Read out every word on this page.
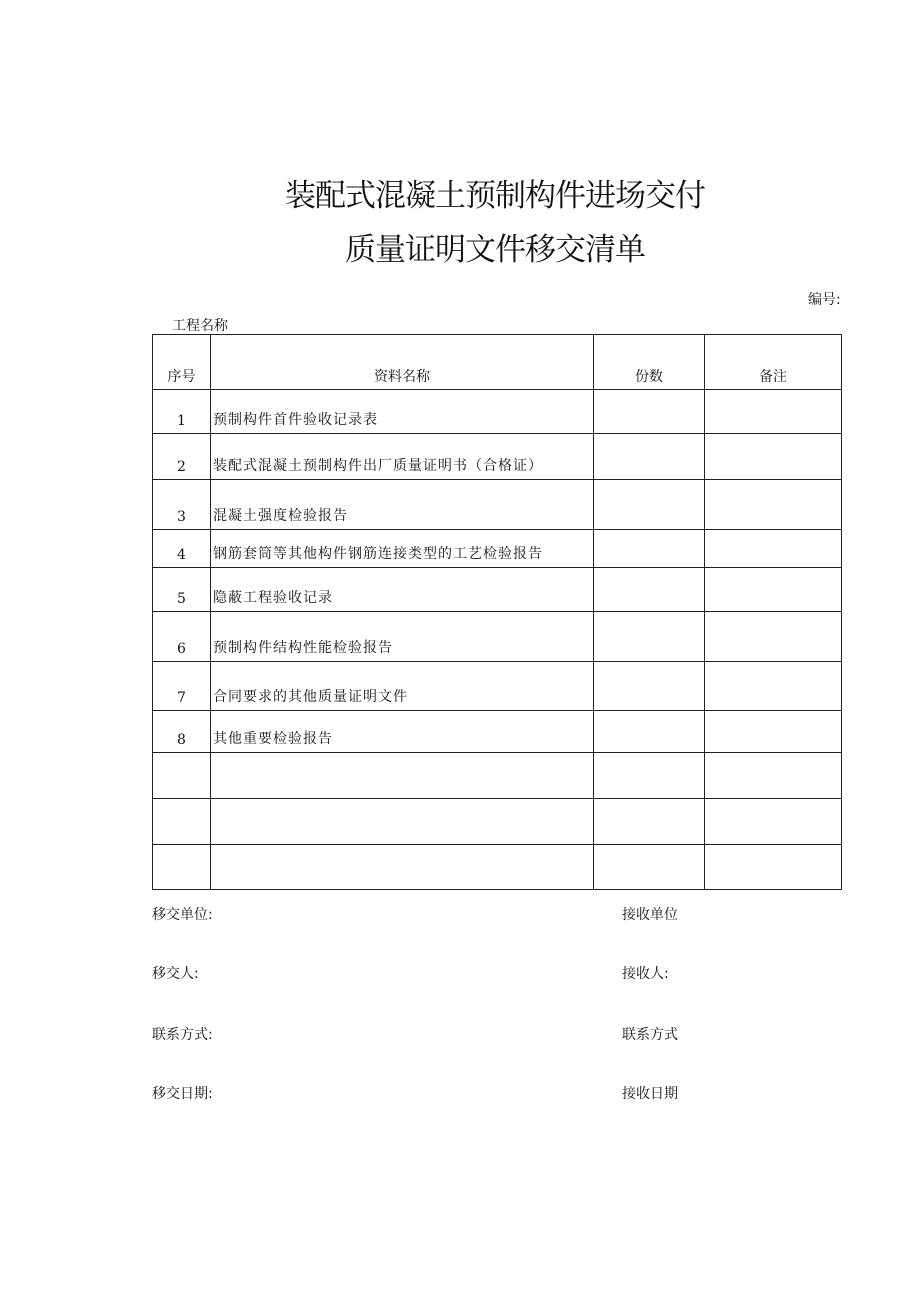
装配式混凝土预制构件进场交付
质量证明文件移交清单
编号:
工程名称
序号	资料名称	份数	备注
1	预制构件首件验收记录表		
2	装配式混凝土预制构件出厂质量证明书（合格证）		
3	混凝土强度检验报告		
4	钢筋套筒等其他构件钢筋连接类型的工艺检验报告		
5	隐蔽工程验收记录		
6	预制构件结构性能检验报告		
7	合同要求的其他质量证明文件		
8	其他重要检验报告		

移交单位:	接收单位
移交人:	接收人:
联系方式:	联系方式
移交日期:	接收日期
